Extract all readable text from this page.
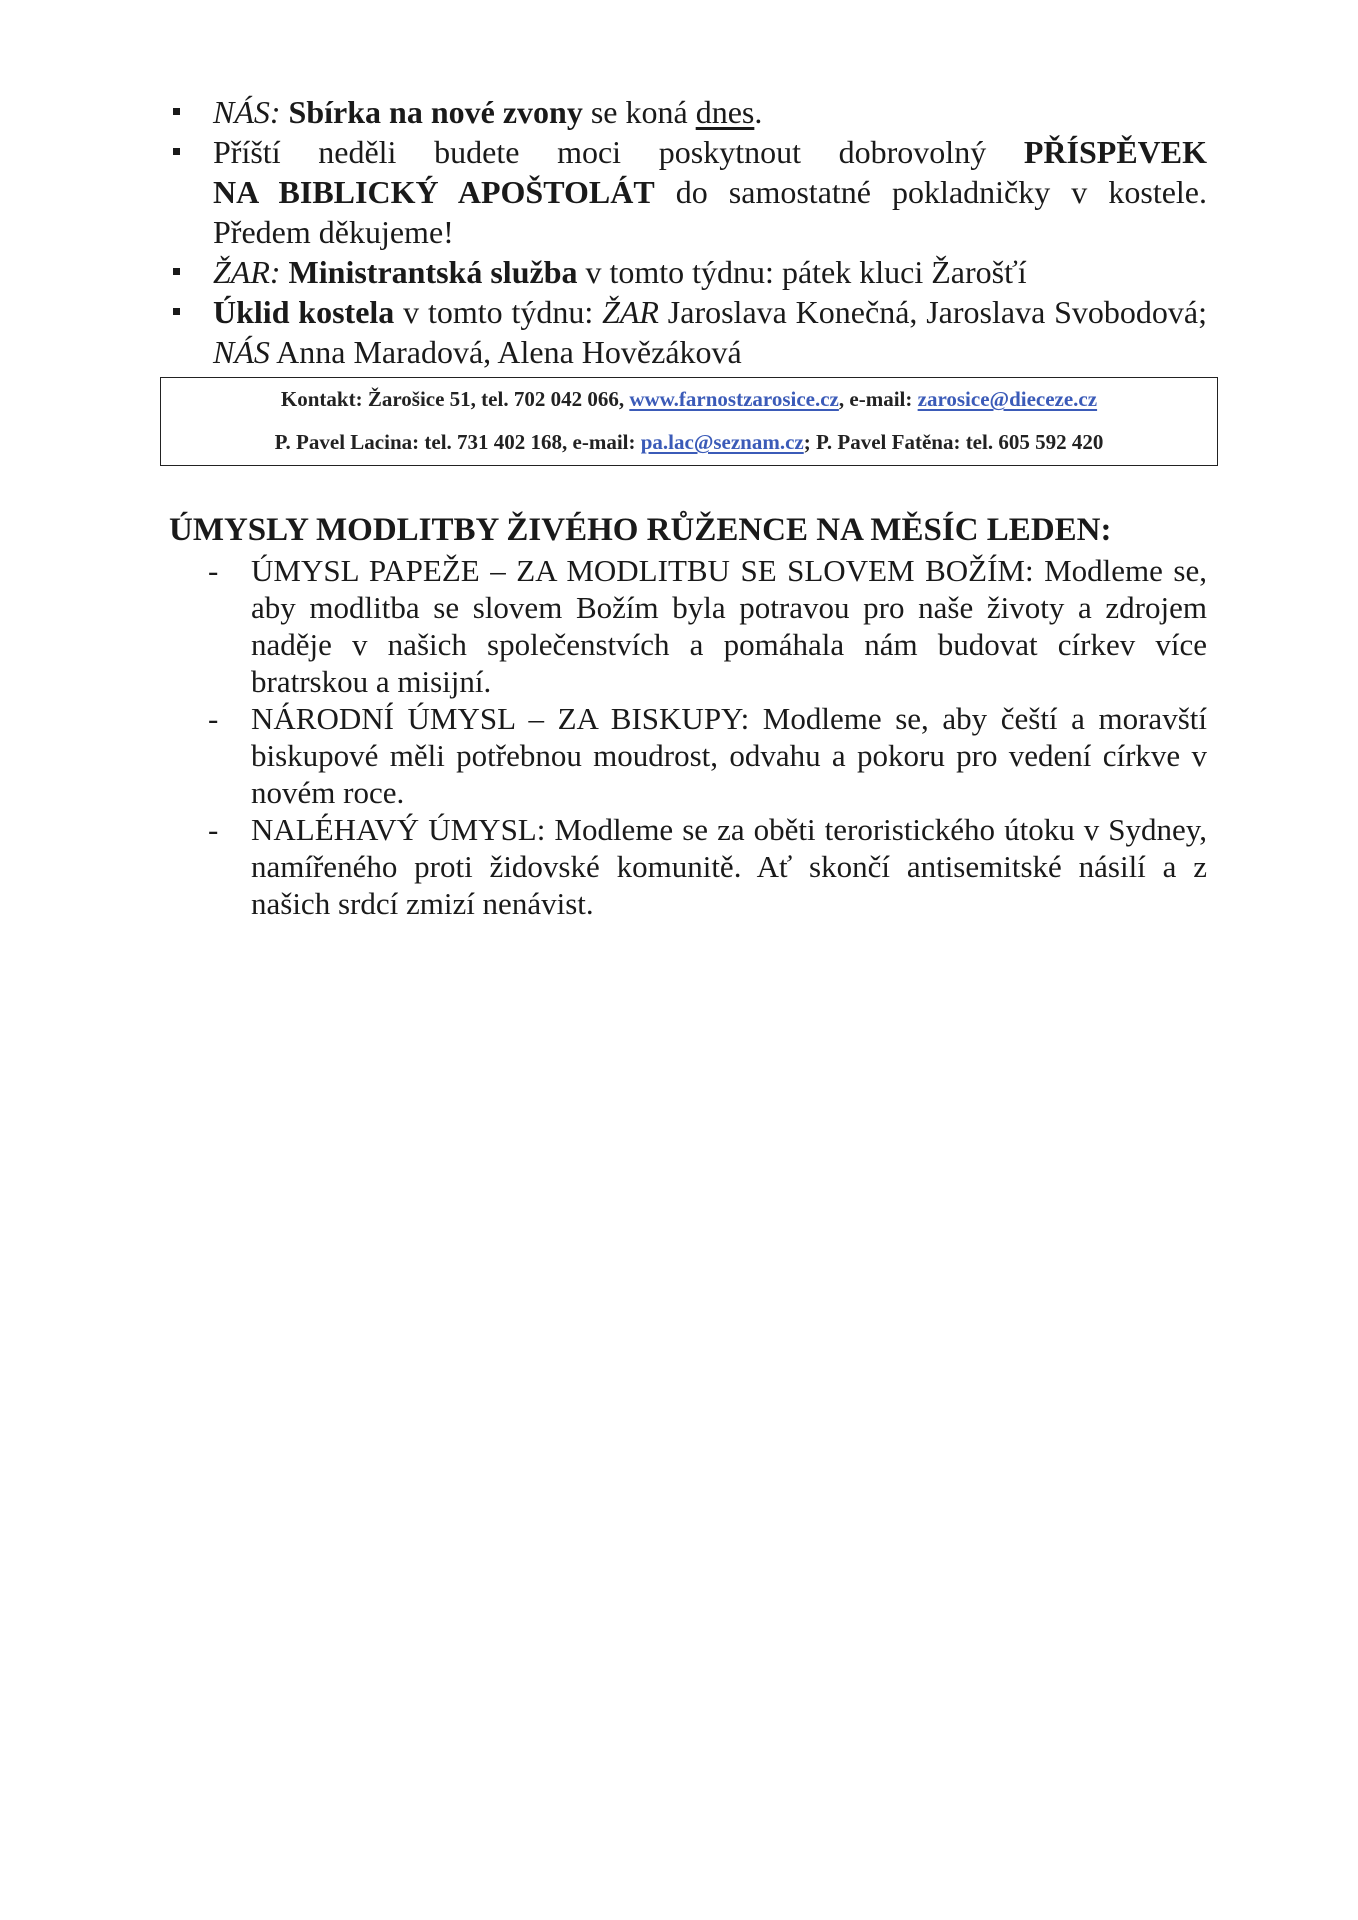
NÁS: Sbírka na nové zvony se koná dnes.
Příští neděli budete moci poskytnout dobrovolný PŘÍSPĚVEK
NA BIBLICKÝ APOŠTOLÁT do samostatné pokladničky v kostele.
Předem děkujeme!
ŽAR: Ministrantská služba v tomto týdnu: pátek kluci Žarošťí
Úklid kostela v tomto týdnu: ŽAR Jaroslava Konečná, Jaroslava Svobodová;
NÁS Anna Maradová, Alena Hovězáková
Kontakt: Žarošice 51, tel. 702 042 066, www.farnostzarosice.cz, e-mail: zarosice@dieceze.cz
P. Pavel Lacina: tel. 731 402 168, e-mail: pa.lac@seznam.cz; P. Pavel Fatěna: tel. 605 592 420
ÚMYSLY MODLITBY ŽIVÉHO RŮŽENCE NA MĚSÍC LEDEN:
- ÚMYSL PAPEŽE – ZA MODLITBU SE SLOVEM BOŽÍM: Modleme se, aby modlitba se slovem Božím byla potravou pro naše životy a zdrojem naděje v našich společenstvích a pomáhala nám budovat církev více bratrskou a misijní.
- NÁRODNÍ ÚMYSL – ZA BISKUPY: Modleme se, aby čeští a moravští biskupové měli potřebnou moudrost, odvahu a pokoru pro vedení církve v novém roce.
- NALÉHAVÝ ÚMYSL: Modleme se za oběti teroristického útoku v Sydney, namířeného proti židovské komunitě. Ať skončí antisemitské násilí a z našich srdcí zmizí nenávist.
